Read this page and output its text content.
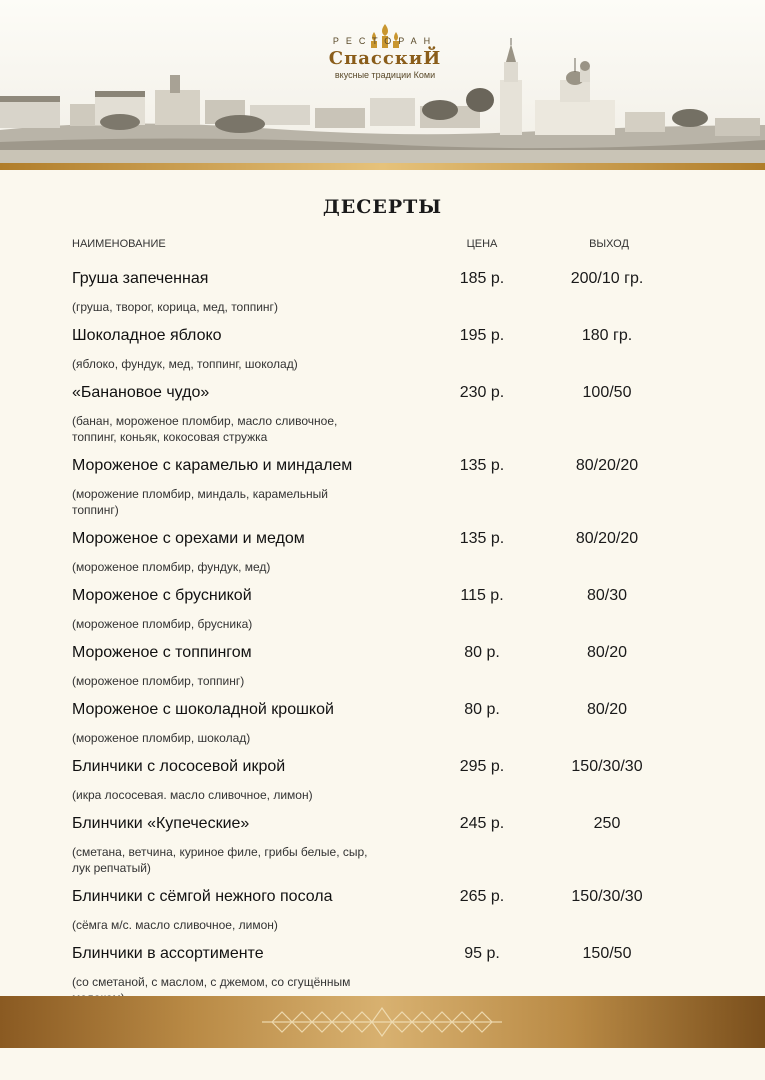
РЕСТОРАН
СпасскиЙ
вкусные традиции Коми
ДЕСЕРТЫ
НАИМЕНОВАНИЕ	ЦЕНА	ВЫХОД
Груша запеченная	185 р.	200/10 гр.
(груша, творог, корица, мед, топпинг)
Шоколадное яблоко	195 р.	180 гр.
(яблоко, фундук, мед, топпинг, шоколад)
«Банановое чудо»	230 р.	100/50
(банан, мороженое пломбир, масло сливочное, топпинг, коньяк, кокосовая стружка
Мороженое с карамелью и миндалем	135 р.	80/20/20
(морожение пломбир, миндаль, карамельный топпинг)
Мороженое с орехами и медом	135 р.	80/20/20
(мороженое пломбир, фундук, мед)
Мороженое с брусникой	115 р.	80/30
(мороженое пломбир, брусника)
Мороженое с топпингом	80 р.	80/20
(мороженое пломбир, топпинг)
Мороженое с шоколадной крошкой	80 р.	80/20
(мороженое пломбир, шоколад)
Блинчики с лососевой икрой	295 р.	150/30/30
(икра лососевая. масло сливочное, лимон)
Блинчики «Купеческие»	245 р.	250
(сметана, ветчина, куриное филе, грибы белые, сыр, лук репчатый)
Блинчики с сёмгой нежного посола	265 р.	150/30/30
(сёмга м/с. масло сливочное, лимон)
Блинчики в ассортименте	95 р.	150/50
(со сметаной, с маслом, с джемом, со сгущённым
